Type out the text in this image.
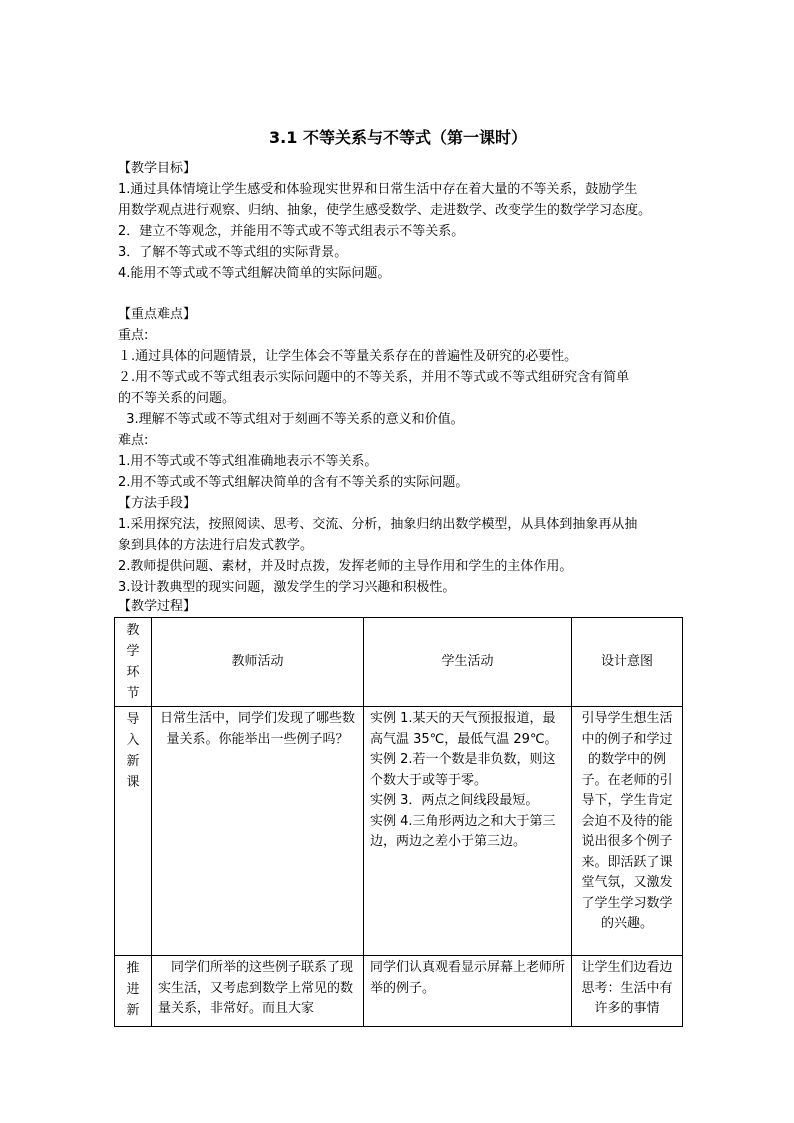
3.1 不等关系与不等式（第一课时）
【教学目标】
1.通过具体情境让学生感受和体验现实世界和日常生活中存在着大量的不等关系，鼓励学生
用数学观点进行观察、归纳、抽象，使学生感受数学、走进数学、改变学生的数学学习态度。
2．建立不等观念，并能用不等式或不等式组表示不等关系。
3．了解不等式或不等式组的实际背景。
4.能用不等式或不等式组解决简单的实际问题。
【重点难点】
重点:
１.通过具体的问题情景，让学生体会不等量关系存在的普遍性及研究的必要性。
２.用不等式或不等式组表示实际问题中的不等关系，并用不等式或不等式组研究含有简单
的不等关系的问题。
3.理解不等式或不等式组对于刻画不等关系的意义和价值。
难点:
1.用不等式或不等式组准确地表示不等关系。
2.用不等式或不等式组解决简单的含有不等关系的实际问题。
【方法手段】
1.采用探究法，按照阅读、思考、交流、分析，抽象归纳出数学模型，从具体到抽象再从抽
象到具体的方法进行启发式教学。
2.教师提供问题、素材，并及时点拨，发挥老师的主导作用和学生的主体作用。
3.设计教典型的现实问题，激发学生的学习兴趣和积极性。
【教学过程】
教学环节	教师活动	学生活动	设计意图

导入新课	日常生活中，同学们发现了哪些数量关系。你能举出一些例子吗？	实例 1.某天的天气预报报道，最高气温 35℃，最低气温 29℃。
实例 2.若一个数是非负数，则这个数大于或等于零。
实例 3．两点之间线段最短。
实例 4.三角形两边之和大于第三边，两边之差小于第三边。	引导学生想生活中的例子和学过的数学中的例子。在老师的引导下，学生肯定会迫不及待的能说出很多个例子来。即活跃了课堂气氛，又激发了学生学习数学的兴趣。

推进新	同学们所举的这些例子联系了现实生活，又考虑到数学上常见的数量关系，非常好。而且大家	同学们认真观看显示屏幕上老师所举的例子。	让学生们边看边思考：生活中有许多的事情
